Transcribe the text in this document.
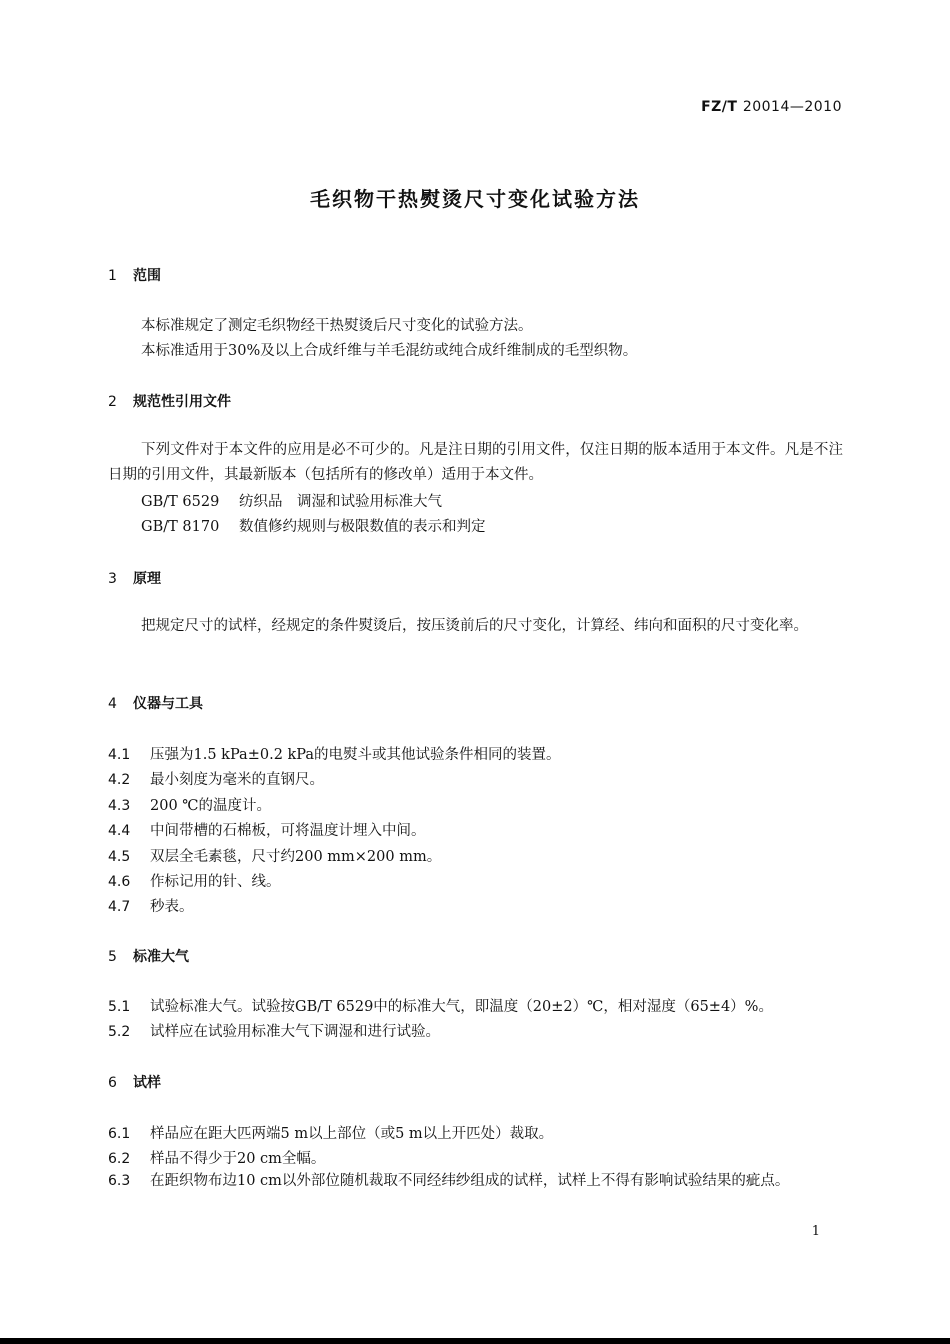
FZ/T 20014—2010
毛织物干热熨烫尺寸变化试验方法
1 范围
本标准规定了测定毛织物经干热熨烫后尺寸变化的试验方法。
本标准适用于30%及以上合成纤维与羊毛混纺或纯合成纤维制成的毛型织物。
2 规范性引用文件
下列文件对于本文件的应用是必不可少的。凡是注日期的引用文件，仅注日期的版本适用于本文件。凡是不注日期的引用文件，其最新版本（包括所有的修改单）适用于本文件。
GB/T 6529 纺织品　调湿和试验用标准大气
GB/T 8170 数值修约规则与极限数值的表示和判定
3 原理
把规定尺寸的试样，经规定的条件熨烫后，按压烫前后的尺寸变化，计算经、纬向和面积的尺寸变化率。
4 仪器与工具
4.1 压强为1.5 kPa±0.2 kPa的电熨斗或其他试验条件相同的装置。
4.2 最小刻度为毫米的直钢尺。
4.3 200 ℃的温度计。
4.4 中间带槽的石棉板，可将温度计埋入中间。
4.5 双层全毛素毯，尺寸约200 mm×200 mm。
4.6 作标记用的针、线。
4.7 秒表。
5 标准大气
5.1 试验标准大气。试验按GB/T 6529中的标准大气，即温度（20±2）℃，相对湿度（65±4）%。
5.2 试样应在试验用标准大气下调湿和进行试验。
6 试样
6.1 样品应在距大匹两端5 m以上部位（或5 m以上开匹处）裁取。
6.2 样品不得少于20 cm全幅。
6.3 在距织物布边10 cm以外部位随机裁取不同经纬纱组成的试样，试样上不得有影响试验结果的疵点。
1
